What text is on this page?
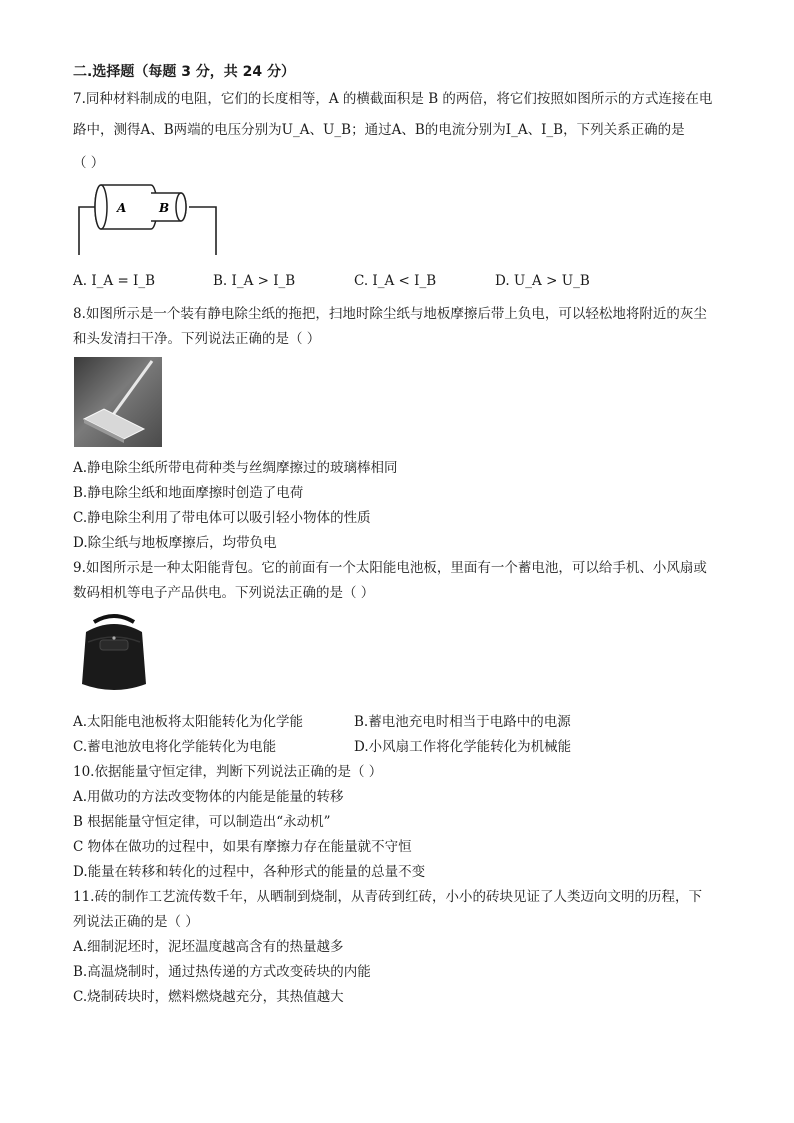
二.选择题（每题 3 分，共 24 分）
7.同种材料制成的电阻，它们的长度相等，A 的横截面积是 B 的两倍，将它们按照如图所示的方式连接在电
路中，测得A、B两端的电压分别为U_A、U_B；通过A、B的电流分别为I_A、I_B，下列关系正确的是
（ ）
A	B
A. I_A = I_B	B. I_A > I_B	C. I_A < I_B	D. U_A > U_B
8.如图所示是一个装有静电除尘纸的拖把，扫地时除尘纸与地板摩擦后带上负电，可以轻松地将附近的灰尘
和头发清扫干净。下列说法正确的是（ ）
A.静电除尘纸所带电荷种类与丝绸摩擦过的玻璃棒相同
B.静电除尘纸和地面摩擦时创造了电荷
C.静电除尘利用了带电体可以吸引轻小物体的性质
D.除尘纸与地板摩擦后，均带负电
9.如图所示是一种太阳能背包。它的前面有一个太阳能电池板，里面有一个蓄电池，可以给手机、小风扇或
数码相机等电子产品供电。下列说法正确的是（ ）
A.太阳能电池板将太阳能转化为化学能	B.蓄电池充电时相当于电路中的电源
C.蓄电池放电将化学能转化为电能	D.小风扇工作将化学能转化为机械能
10.依据能量守恒定律，判断下列说法正确的是（ ）
A.用做功的方法改变物体的内能是能量的转移
B 根据能量守恒定律，可以制造出“永动机”
C 物体在做功的过程中，如果有摩擦力存在能量就不守恒
D.能量在转移和转化的过程中，各种形式的能量的总量不变
11.砖的制作工艺流传数千年，从晒制到烧制，从青砖到红砖，小小的砖块见证了人类迈向文明的历程，下
列说法正确的是（ ）
A.细制泥坯时，泥坯温度越高含有的热量越多
B.高温烧制时，通过热传递的方式改变砖块的内能
C.烧制砖块时，燃料燃烧越充分，其热值越大
